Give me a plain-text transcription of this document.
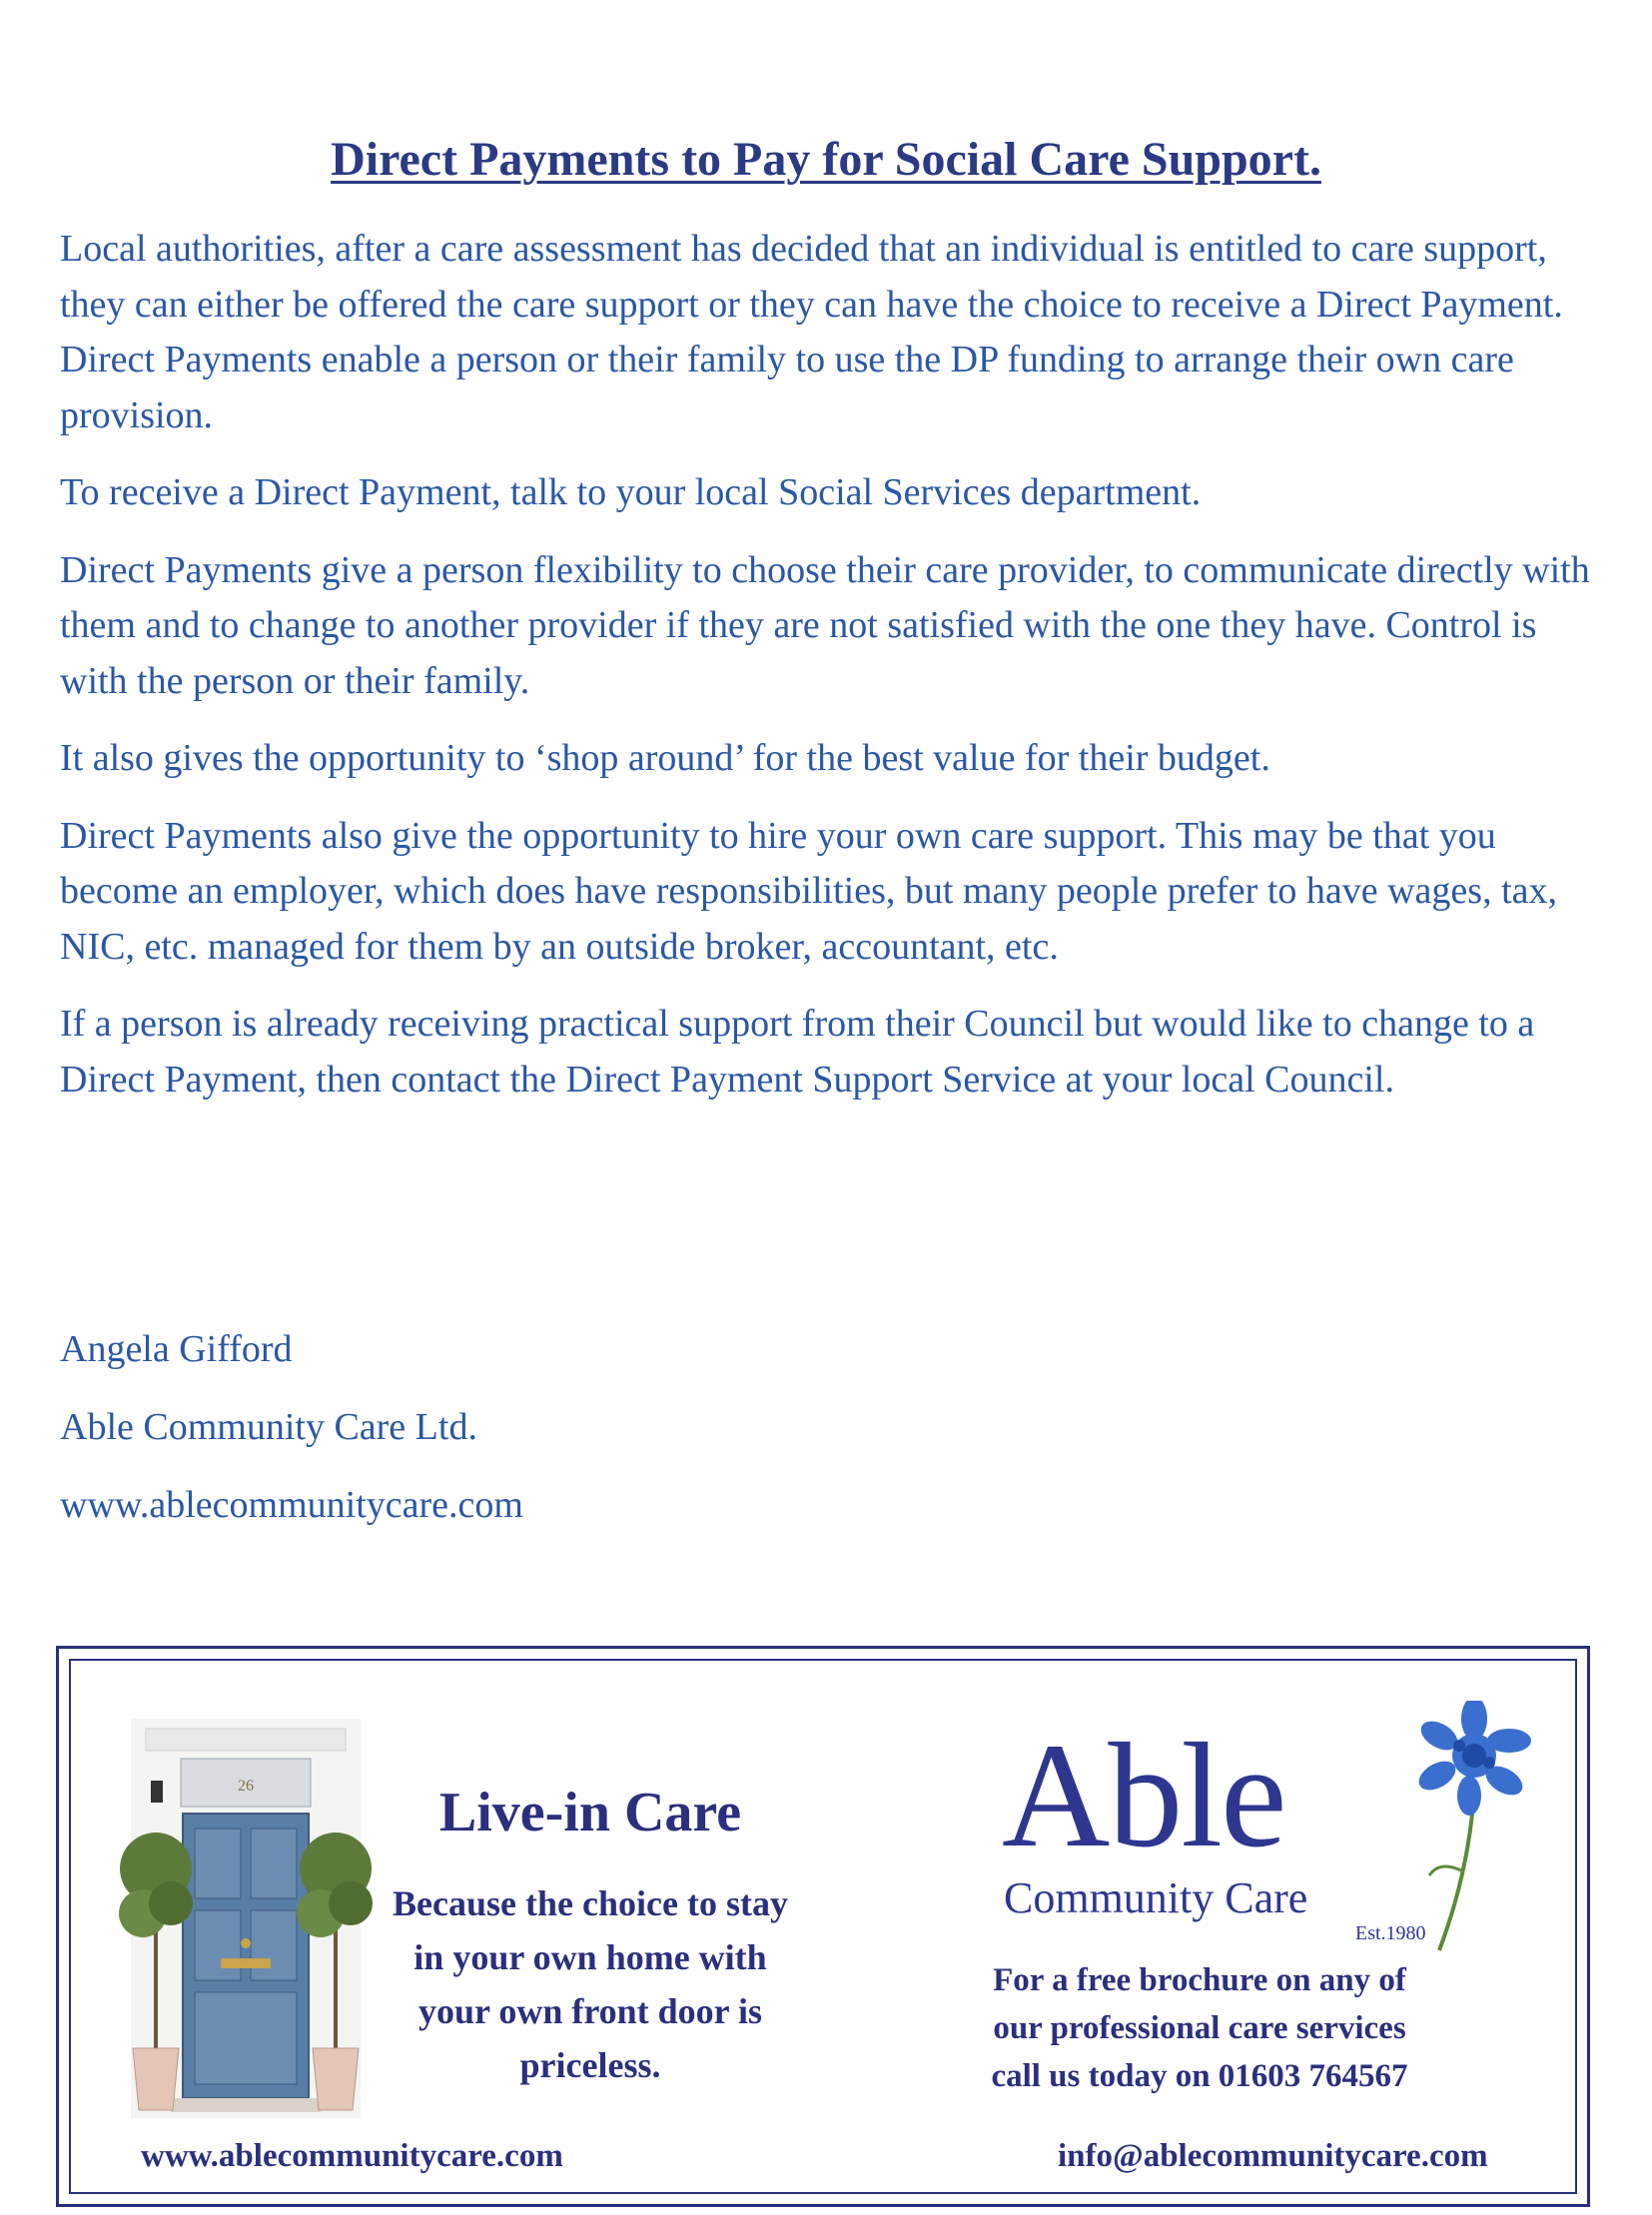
Direct Payments to Pay for Social Care Support.

Local authorities, after a care assessment has decided that an individual is entitled to care support, they can either be offered the care support or they can have the choice to receive a Direct Payment. Direct Payments enable a person or their family to use the DP funding to arrange their own care provision.

To receive a Direct Payment, talk to your local Social Services department.

Direct Payments give a person flexibility to choose their care provider, to communicate directly with them and to change to another provider if they are not satisfied with the one they have. Control is with the person or their family.

It also gives the opportunity to ‘shop around’ for the best value for their budget.

Direct Payments also give the opportunity to hire your own care support. This may be that you become an employer, which does have responsibilities, but many people prefer to have wages, tax, NIC, etc. managed for them by an outside broker, accountant, etc.

If a person is already receiving practical support from their Council but would like to change to a Direct Payment, then contact the Direct Payment Support Service at your local Council.

Angela Gifford
Able Community Care Ltd.
www.ablecommunitycare.com
26	Live-in Care
Because the choice to stay
in your own home with
your own front door is
priceless.
Able
Community Care
Est.1980
For a free brochure on any of
our professional care services
call us today on 01603 764567
www.ablecommunitycare.com	info@ablecommunitycare.com
